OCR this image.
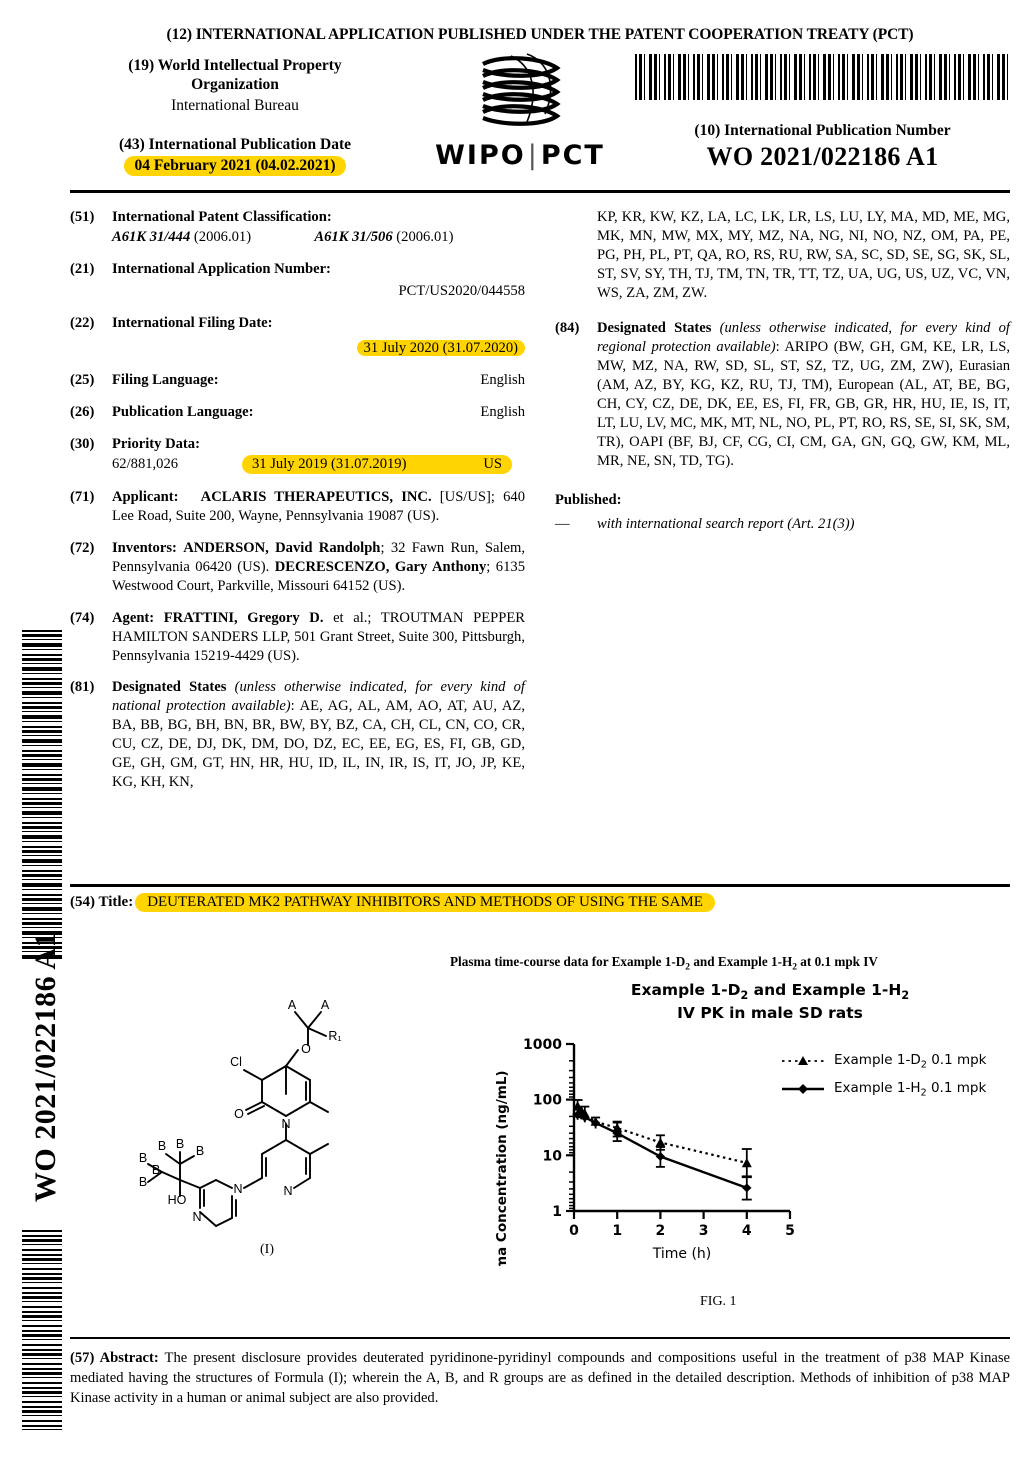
WO 2021/022186 A1
(12) INTERNATIONAL APPLICATION PUBLISHED UNDER THE PATENT COOPERATION TREATY (PCT)
(19) World Intellectual Property
Organization
International Bureau
(43) International Publication Date
04 February 2021 (04.02.2021)	WIPO|PCT
(10) International Publication Number
WO 2021/022186 A1
(51) International Patent Classification:
A61K 31/444 (2006.01)	A61K 31/506 (2006.01)
(21) International Application Number:
PCT/US2020/044558
(22) International Filing Date:
31 July 2020 (31.07.2020)
(25) Filing Language:	English
(26) Publication Language:	English
(30) Priority Data:
62/881,026	31 July 2019 (31.07.2019)	US
(71) Applicant: ACLARIS THERAPEUTICS, INC. [US/US]; 640 Lee Road, Suite 200, Wayne, Pennsylvania 19087 (US).
(72) Inventors: ANDERSON, David Randolph; 32 Fawn Run, Salem, Pennsylvania 06420 (US). DECRESCENZO, Gary Anthony; 6135 Westwood Court, Parkville, Missouri 64152 (US).
(74) Agent: FRATTINI, Gregory D. et al.; TROUTMAN PEPPER HAMILTON SANDERS LLP, 501 Grant Street, Suite 300, Pittsburgh, Pennsylvania 15219-4429 (US).
(81) Designated States (unless otherwise indicated, for every kind of national protection available): AE, AG, AL, AM, AO, AT, AU, AZ, BA, BB, BG, BH, BN, BR, BW, BY, BZ, CA, CH, CL, CN, CO, CR, CU, CZ, DE, DJ, DK, DM, DO, DZ, EC, EE, EG, ES, FI, GB, GD, GE, GH, GM, GT, HN, HR, HU, ID, IL, IN, IR, IS, IT, JO, JP, KE, KG, KH, KN,
KP, KR, KW, KZ, LA, LC, LK, LR, LS, LU, LY, MA, MD, ME, MG, MK, MN, MW, MX, MY, MZ, NA, NG, NI, NO, NZ, OM, PA, PE, PG, PH, PL, PT, QA, RO, RS, RU, RW, SA, SC, SD, SE, SG, SK, SL, ST, SV, SY, TH, TJ, TM, TN, TR, TT, TZ, UA, UG, US, UZ, VC, VN, WS, ZA, ZM, ZW.
(84) Designated States (unless otherwise indicated, for every kind of regional protection available): ARIPO (BW, GH, GM, KE, LR, LS, MW, MZ, NA, RW, SD, SL, ST, SZ, TZ, UG, ZM, ZW), Eurasian (AM, AZ, BY, KG, KZ, RU, TJ, TM), European (AL, AT, BE, BG, CH, CY, CZ, DE, DK, EE, ES, FI, FR, GB, GR, HR, HU, IE, IS, IT, LT, LU, LV, MC, MK, MT, NL, NO, PL, PT, RO, RS, SE, SI, SK, SM, TR), OAPI (BF, BJ, CF, CG, CI, CM, GA, GN, GQ, GW, KM, ML, MR, NE, SN, TD, TG).
Published:
— with international search report (Art. 21(3))
(54) Title: DEUTERATED MK2 PATHWAY INHIBITORS AND METHODS OF USING THE SAME
Plasma time-course data for Example $1-D_2$ and Example $1-H_2$ at 0.1 mpk IV
A A
R₁
O
Cl
O
N
N
N
N
HO
B
B B
B
B
B
(I)
Example $1-D_2$ and Example $1-H_2$
IV PK in male SD rats
Plasma Concentration (ng/mL)
1000
100
10
1
0 1 2 3 4 5
Time (h)
Example $1-D_2$ 0.1 mpk
Example $1-H_2$ 0.1 mpk
FIG. 1
(57) Abstract: The present disclosure provides deuterated pyridinone-pyridinyl compounds and compositions useful in the treatment of p38 MAP Kinase mediated having the structures of Formula (I); wherein the A, B, and R groups are as defined in the detailed description. Methods of inhibition of p38 MAP Kinase activity in a human or animal subject are also provided.
